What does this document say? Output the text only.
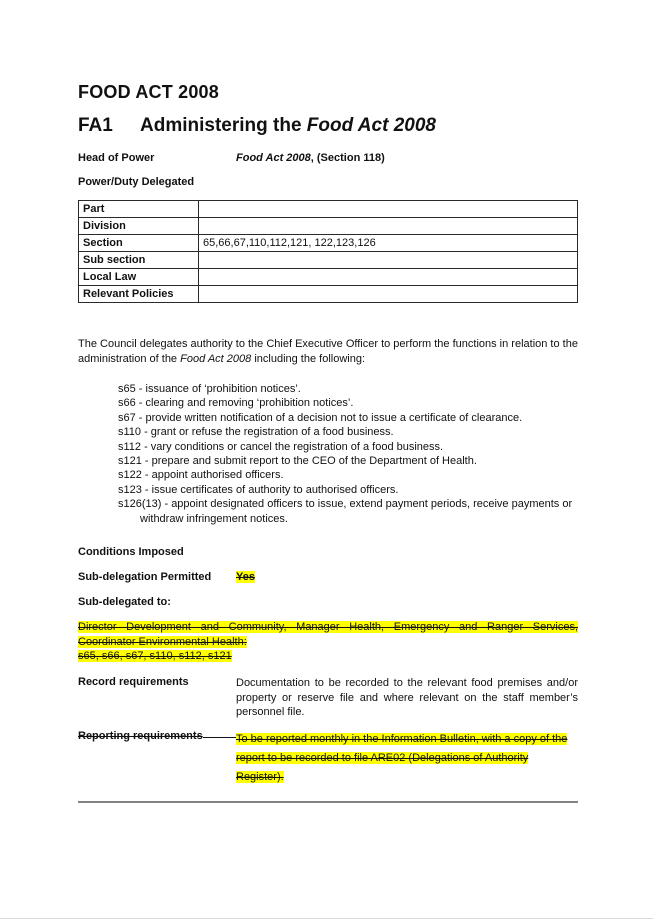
FOOD ACT 2008
FA1	Administering the Food Act 2008
Head of Power	Food Act 2008, (Section 118)
Power/Duty Delegated
Part	
Division	
Section	65,66,67,110,112,121, 122,123,126
Sub section	
Local Law	
Relevant Policies	
The Council delegates authority to the Chief Executive Officer to perform the functions in relation to the administration of the Food Act 2008 including the following:
s65 - issuance of ‘prohibition notices’.
s66 - clearing and removing ‘prohibition notices’.
s67 - provide written notification of a decision not to issue a certificate of clearance.
s110 - grant or refuse the registration of a food business.
s112 - vary conditions or cancel the registration of a food business.
s121 - prepare and submit report to the CEO of the Department of Health.
s122 - appoint authorised officers.
s123 - issue certificates of authority to authorised officers.
s126(13) - appoint designated officers to issue, extend payment periods, receive payments or withdraw infringement notices.
Conditions Imposed
Sub-delegation Permitted	Yes
Sub-delegated to:
Director Development and Community, Manager Health, Emergency and Ranger Services, Coordinator Environmental Health:
s65, s66, s67, s110, s112, s121
Record requirements	Documentation to be recorded to the relevant food premises and/or property or reserve file and where relevant on the staff member’s personnel file.
Reporting requirements	To be reported monthly in the Information Bulletin, with a copy of the report to be recorded to file ARE02 (Delegations of Authority Register).
